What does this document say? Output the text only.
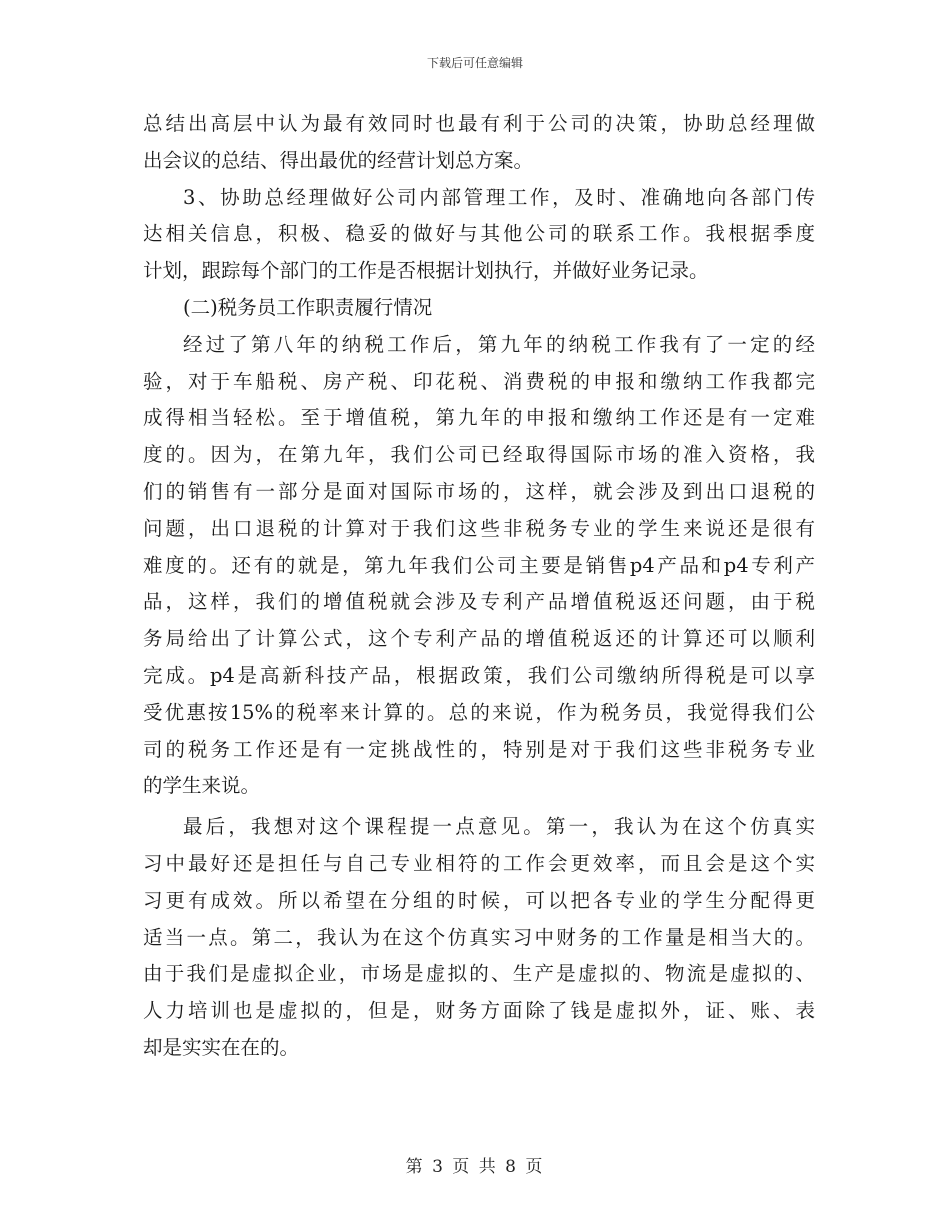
下载后可任意编辑
总结出高层中认为最有效同时也最有利于公司的决策，协助总经理做
出会议的总结、得出最优的经营计划总方案。
3、协助总经理做好公司内部管理工作，及时、准确地向各部门传
达相关信息，积极、稳妥的做好与其他公司的联系工作。我根据季度
计划，跟踪每个部门的工作是否根据计划执行，并做好业务记录。
(二)税务员工作职责履行情况
经过了第八年的纳税工作后，第九年的纳税工作我有了一定的经
验，对于车船税、房产税、印花税、消费税的申报和缴纳工作我都完
成得相当轻松。至于增值税，第九年的申报和缴纳工作还是有一定难
度的。因为，在第九年，我们公司已经取得国际市场的准入资格，我
们的销售有一部分是面对国际市场的，这样，就会涉及到出口退税的
问题，出口退税的计算对于我们这些非税务专业的学生来说还是很有
难度的。还有的就是，第九年我们公司主要是销售p4产品和p4专利产
品，这样，我们的增值税就会涉及专利产品增值税返还问题，由于税
务局给出了计算公式，这个专利产品的增值税返还的计算还可以顺利
完成。p4是高新科技产品，根据政策，我们公司缴纳所得税是可以享
受优惠按15%的税率来计算的。总的来说，作为税务员，我觉得我们公
司的税务工作还是有一定挑战性的，特别是对于我们这些非税务专业
的学生来说。
最后，我想对这个课程提一点意见。第一，我认为在这个仿真实
习中最好还是担任与自己专业相符的工作会更效率，而且会是这个实
习更有成效。所以希望在分组的时候，可以把各专业的学生分配得更
适当一点。第二，我认为在这个仿真实习中财务的工作量是相当大的。
由于我们是虚拟企业，市场是虚拟的、生产是虚拟的、物流是虚拟的、
人力培训也是虚拟的，但是，财务方面除了钱是虚拟外，证、账、表
却是实实在在的。
第 3 页 共 8 页
